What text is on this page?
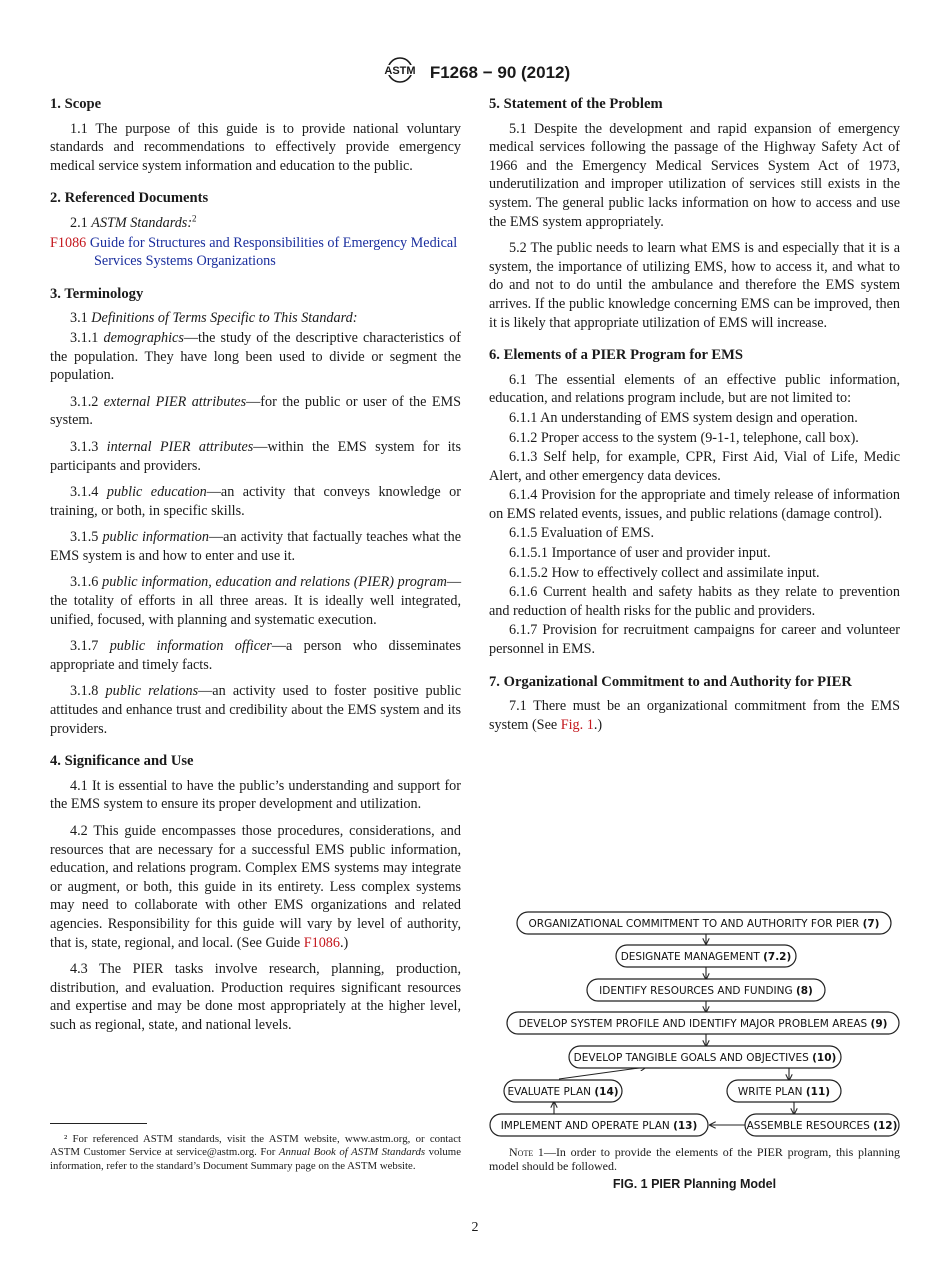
ASTM F1268 − 90 (2012)
1. Scope

1.1 The purpose of this guide is to provide national voluntary standards and recommendations to effectively provide emergency medical service system information and education to the public.

2. Referenced Documents

2.1 ASTM Standards:$^2$

F1086 Guide for Structures and Responsibilities of Emergency Medical Services Systems Organizations
3. Terminology

3.1 Definitions of Terms Specific to This Standard:

3.1.1 demographics—the study of the descriptive characteristics of the population. They have long been used to divide or segment the population.

3.1.2 external PIER attributes—for the public or user of the EMS system.

3.1.3 internal PIER attributes—within the EMS system for its participants and providers.

3.1.4 public education—an activity that conveys knowledge or training, or both, in specific skills.

3.1.5 public information—an activity that factually teaches what the EMS system is and how to enter and use it.

3.1.6 public information, education and relations (PIER) program—the totality of efforts in all three areas. It is ideally well integrated, unified, focused, with planning and systematic execution.

3.1.7 public information officer—a person who disseminates appropriate and timely facts.

3.1.8 public relations—an activity used to foster positive public attitudes and enhance trust and credibility about the EMS system and its providers.

4. Significance and Use

4.1 It is essential to have the public’s understanding and support for the EMS system to ensure its proper development and utilization.

4.2 This guide encompasses those procedures, considerations, and resources that are necessary for a successful EMS public information, education, and relations program. Complex EMS systems may integrate or augment, or both, this guide in its entirety. Less complex systems may need to collaborate with other EMS organizations and related agencies. Responsibility for this guide will vary by level of authority, that is, state, regional, and local. (See Guide F1086.)

4.3 The PIER tasks involve research, planning, production, distribution, and evaluation. Production requires significant resources and expertise and may be done most appropriately at the higher level, such as regional, state, and national levels.

² For referenced ASTM standards, visit the ASTM website, www.astm.org, or contact ASTM Customer Service at service@astm.org. For Annual Book of ASTM Standards volume information, refer to the standard’s Document Summary page on the ASTM website.
5. Statement of the Problem

5.1 Despite the development and rapid expansion of emergency medical services following the passage of the Highway Safety Act of 1966 and the Emergency Medical Services System Act of 1973, underutilization and improper utilization of services still exists in the system. The general public lacks information on how to access and use the EMS system appropriately.

5.2 The public needs to learn what EMS is and especially that it is a system, the importance of utilizing EMS, how to access it, and what to do and not to do until the ambulance and therefore the EMS system arrives. If the public knowledge concerning EMS can be improved, then it is likely that appropriate utilization of EMS will increase.

6. Elements of a PIER Program for EMS

6.1 The essential elements of an effective public information, education, and relations program include, but are not limited to:

6.1.1 An understanding of EMS system design and operation.

6.1.2 Proper access to the system (9-1-1, telephone, call box).

6.1.3 Self help, for example, CPR, First Aid, Vial of Life, Medic Alert, and other emergency data devices.

6.1.4 Provision for the appropriate and timely release of information on EMS related events, issues, and public relations (damage control).

6.1.5 Evaluation of EMS.

6.1.5.1 Importance of user and provider input.

6.1.5.2 How to effectively collect and assimilate input.

6.1.6 Current health and safety habits as they relate to prevention and reduction of health risks for the public and providers.

6.1.7 Provision for recruitment campaigns for career and volunteer personnel in EMS.

7. Organizational Commitment to and Authority for PIER

7.1 There must be an organizational commitment from the EMS system (See Fig. 1.)

ORGANIZATIONAL COMMITMENT TO AND AUTHORITY FOR PIER (7)
DESIGNATE MANAGEMENT (7.2)
IDENTIFY RESOURCES AND FUNDING (8)
DEVELOP SYSTEM PROFILE AND IDENTIFY MAJOR PROBLEM AREAS (9)
DEVELOP TANGIBLE GOALS AND OBJECTIVES (10)
EVALUATE PLAN (14)	WRITE PLAN (11)
IMPLEMENT AND OPERATE PLAN (13)	ASSEMBLE RESOURCES (12)
Note 1—In order to provide the elements of the PIER program, this planning model should be followed.
FIG. 1 PIER Planning Model
2
